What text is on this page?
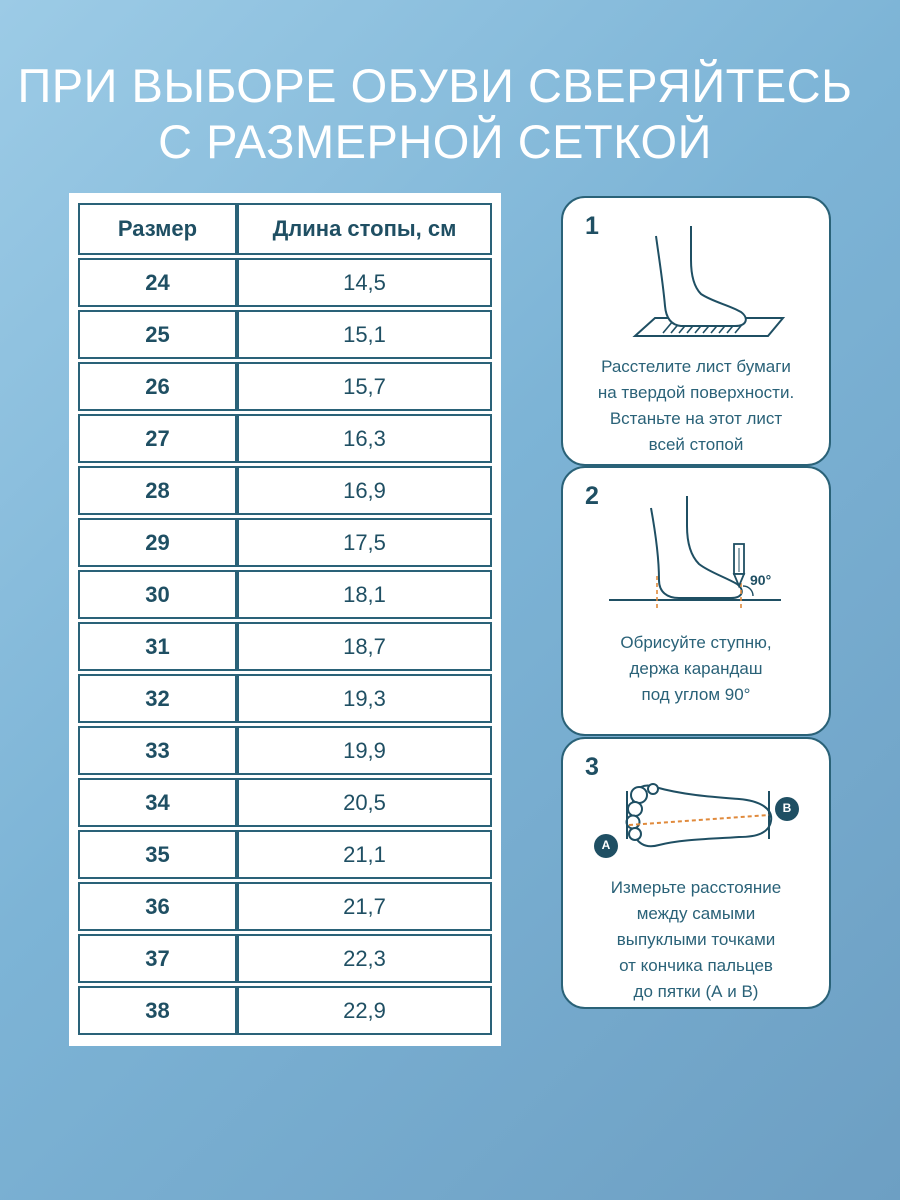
ПРИ ВЫБОРЕ ОБУВИ СВЕРЯЙТЕСЬ
С РАЗМЕРНОЙ СЕТКОЙ
Размер	Длина стопы, см
24	14,5
25	15,1
26	15,7
27	16,3
28	16,9
29	17,5
30	18,1
31	18,7
32	19,3
33	19,9
34	20,5
35	21,1
36	21,7
37	22,3
38	22,9
1
Расстелите лист бумаги
на твердой поверхности.
Встаньте на этот лист
всей стопой
2
90°
Обрисуйте ступню,
держа карандаш
под углом 90°
3
A
B
Измерьте расстояние
между самыми
выпуклыми точками
от кончика пальцев
до пятки (А и В)
